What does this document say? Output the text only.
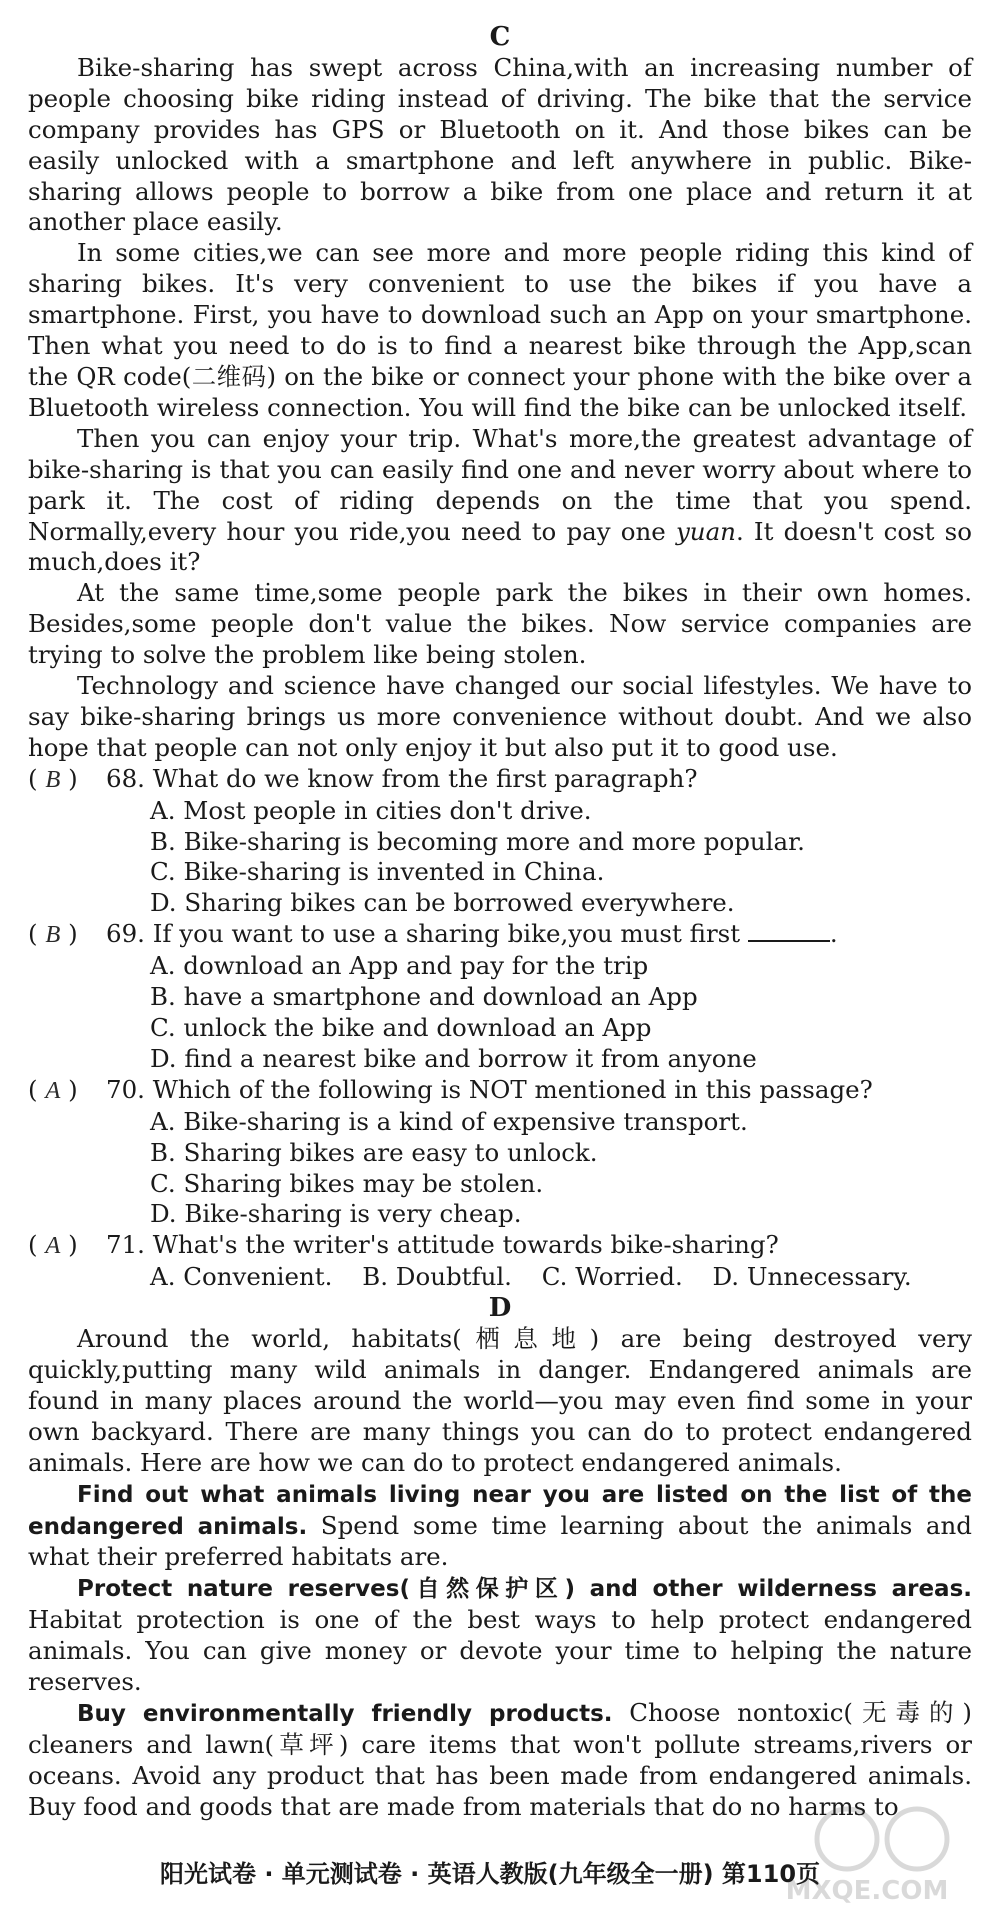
C

Bike-sharing has swept across China,with an increasing number of people choosing bike riding instead of driving. The bike that the service company provides has GPS or Bluetooth on it. And those bikes can be easily unlocked with a smartphone and left anywhere in public. Bike-sharing allows people to borrow a bike from one place and return it at another place easily.

In some cities,we can see more and more people riding this kind of sharing bikes. It's very convenient to use the bikes if you have a smartphone. First, you have to download such an App on your smartphone. Then what you need to do is to find a nearest bike through the App,scan the QR code(二维码) on the bike or connect your phone with the bike over a Bluetooth wireless connection. You will find the bike can be unlocked itself.

Then you can enjoy your trip. What's more,the greatest advantage of bike-sharing is that you can easily find one and never worry about where to park it. The cost of riding depends on the time that you spend. Normally,every hour you ride,you need to pay one yuan. It doesn't cost so much,does it?

At the same time,some people park the bikes in their own homes. Besides,some people don't value the bikes. Now service companies are trying to solve the problem like being stolen.

Technology and science have changed our social lifestyles. We have to say bike-sharing brings us more convenience without doubt. And we also hope that people can not only enjoy it but also put it to good use.

( B ) 68. What do we know from the first paragraph?

A. Most people in cities don't drive.

B. Bike-sharing is becoming more and more popular.

C. Bike-sharing is invented in China.

D. Sharing bikes can be borrowed everywhere.

( B ) 69. If you want to use a sharing bike,you must first	.

A. download an App and pay for the trip

B. have a smartphone and download an App

C. unlock the bike and download an App

D. find a nearest bike and borrow it from anyone

( A ) 70. Which of the following is NOT mentioned in this passage?

A. Bike-sharing is a kind of expensive transport.

B. Sharing bikes are easy to unlock.

C. Sharing bikes may be stolen.

D. Bike-sharing is very cheap.

( A ) 71. What's the writer's attitude towards bike-sharing?

A. Convenient. B. Doubtful. C. Worried. D. Unnecessary.

D

Around the world, habitats(栖息地) are being destroyed very quickly,putting many wild animals in danger. Endangered animals are found in many places around the world—you may even find some in your own backyard. There are many things you can do to protect endangered animals. Here are how we can do to protect endangered animals.

Find out what animals living near you are listed on the list of the endangered animals. Spend some time learning about the animals and what their preferred habitats are.

Protect nature reserves(自然保护区) and other wilderness areas. Habitat protection is one of the best ways to help protect endangered animals. You can give money or devote your time to helping the nature reserves.

Buy environmentally friendly products. Choose nontoxic(无毒的) cleaners and lawn(草坪) care items that won't pollute streams,rivers or oceans. Avoid any product that has been made from endangered animals. Buy food and goods that are made from materials that do no harms to

阳光试卷 · 单元测试卷 · 英语人教版(九年级全一册) 第110页
MXQE.COM
